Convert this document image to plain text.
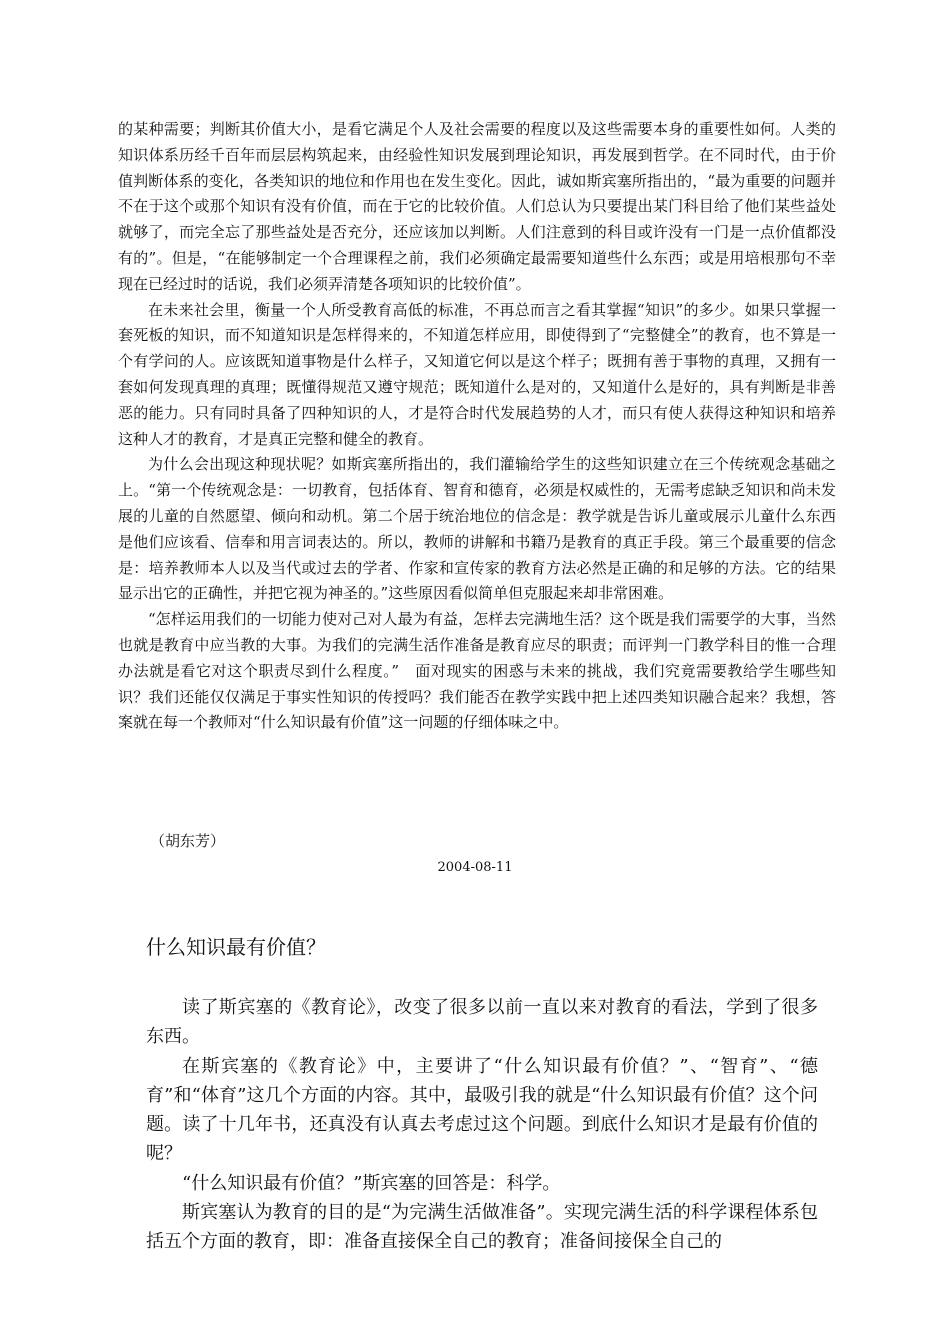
的某种需要；判断其价值大小，是看它满足个人及社会需要的程度以及这些需要本身的重要性如何。人类的知识体系历经千百年而层层构筑起来，由经验性知识发展到理论知识，再发展到哲学。在不同时代，由于价值判断体系的变化，各类知识的地位和作用也在发生变化。因此，诚如斯宾塞所指出的，“最为重要的问题并不在于这个或那个知识有没有价值，而在于它的比较价值。人们总认为只要提出某门科目给了他们某些益处就够了，而完全忘了那些益处是否充分，还应该加以判断。人们注意到的科目或许没有一门是一点价值都没有的”。但是，“在能够制定一个合理课程之前，我们必须确定最需要知道些什么东西；或是用培根那句不幸现在已经过时的话说，我们必须弄清楚各项知识的比较价值”。

在未来社会里，衡量一个人所受教育高低的标准，不再总而言之看其掌握“知识”的多少。如果只掌握一套死板的知识，而不知道知识是怎样得来的，不知道怎样应用，即使得到了“完整健全”的教育，也不算是一个有学问的人。应该既知道事物是什么样子，又知道它何以是这个样子；既拥有善于事物的真理，又拥有一套如何发现真理的真理；既懂得规范又遵守规范；既知道什么是对的，又知道什么是好的，具有判断是非善恶的能力。只有同时具备了四种知识的人，才是符合时代发展趋势的人才，而只有使人获得这种知识和培养这种人才的教育，才是真正完整和健全的教育。

为什么会出现这种现状呢？如斯宾塞所指出的，我们灌输给学生的这些知识建立在三个传统观念基础之上。“第一个传统观念是：一切教育，包括体育、智育和德育，必须是权威性的，无需考虑缺乏知识和尚未发展的儿童的自然愿望、倾向和动机。第二个居于统治地位的信念是：教学就是告诉儿童或展示儿童什么东西是他们应该看、信奉和用言词表达的。所以，教师的讲解和书籍乃是教育的真正手段。第三个最重要的信念是：培养教师本人以及当代或过去的学者、作家和宣传家的教育方法必然是正确的和足够的方法。它的结果显示出它的正确性，并把它视为神圣的。”这些原因看似简单但克服起来却非常困难。

“怎样运用我们的一切能力使对己对人最为有益，怎样去完满地生活？这个既是我们需要学的大事，当然也就是教育中应当教的大事。为我们的完满生活作准备是教育应尽的职责；而评判一门教学科目的惟一合理办法就是看它对这个职责尽到什么程度。”　面对现实的困惑与未来的挑战，我们究竟需要教给学生哪些知识？我们还能仅仅满足于事实性知识的传授吗？我们能否在教学实践中把上述四类知识融合起来？我想，答案就在每一个教师对“什么知识最有价值”这一问题的仔细体味之中。

（胡东芳）
2004-08-11
什么知识最有价值？

读了斯宾塞的《教育论》，改变了很多以前一直以来对教育的看法，学到了很多东西。

在斯宾塞的《教育论》中，主要讲了“什么知识最有价值？”、“智育”、“德育”和“体育”这几个方面的内容。其中，最吸引我的就是“什么知识最有价值？这个问题。读了十几年书，还真没有认真去考虑过这个问题。到底什么知识才是最有价值的呢？

“什么知识最有价值？”斯宾塞的回答是：科学。

斯宾塞认为教育的目的是“为完满生活做准备”。实现完满生活的科学课程体系包括五个方面的教育，即：准备直接保全自己的教育；准备间接保全自己的
